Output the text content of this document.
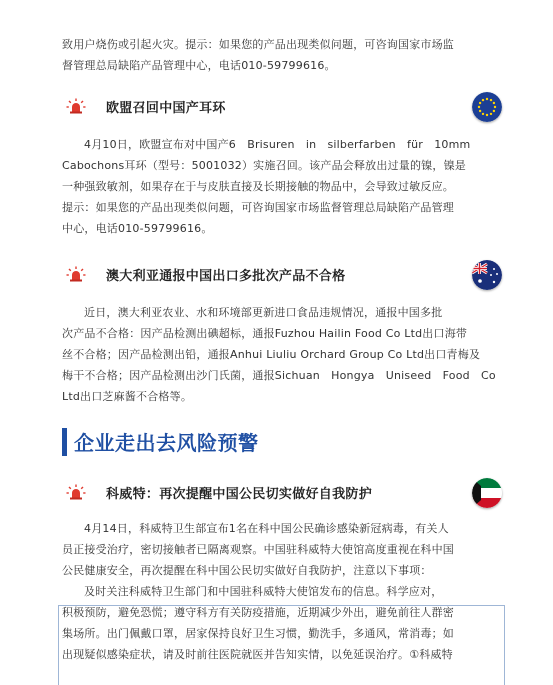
致用户烧伤或引起火灾。提示：如果您的产品出现类似问题，可咨询国家市场监

督管理总局缺陷产品管理中心，电话010-59799616。

欧盟召回中国产耳环

4月10日，欧盟宣布对中国产6　Brisuren　in　silberfarben　für　10mm

Cabochons耳环（型号：5001032）实施召回。该产品会释放出过量的镍，镍是

一种强致敏剂，如果存在于与皮肤直接及长期接触的物品中，会导致过敏反应。

提示：如果您的产品出现类似问题，可咨询国家市场监督管理总局缺陷产品管理

中心，电话010-59799616。

澳大利亚通报中国出口多批次产品不合格

近日，澳大利亚农业、水和环境部更新进口食品违规情况，通报中国多批

次产品不合格：因产品检测出碘超标，通报Fuzhou Hailin Food Co Ltd出口海带

丝不合格；因产品检测出铅，通报Anhui Liuliu Orchard Group Co Ltd出口青梅及

梅干不合格；因产品检测出沙门氏菌，通报Sichuan　Hongya　Uniseed　Food　Co

Ltd出口芝麻酱不合格等。

企业走出去风险预警
科威特：再次提醒中国公民切实做好自我防护

4月14日，科威特卫生部宣布1名在科中国公民确诊感染新冠病毒，有关人

员正接受治疗，密切接触者已隔离观察。中国驻科威特大使馆高度重视在科中国

公民健康安全，再次提醒在科中国公民切实做好自我防护，注意以下事项：

及时关注科威特卫生部门和中国驻科威特大使馆发布的信息。科学应对，

积极预防，避免恐慌；遵守科方有关防疫措施，近期减少外出，避免前往人群密

集场所。出门佩戴口罩，居家保持良好卫生习惯，勤洗手，多通风，常消毒；如

出现疑似感染症状，请及时前往医院就医并告知实情，以免延误治疗。①科威特
